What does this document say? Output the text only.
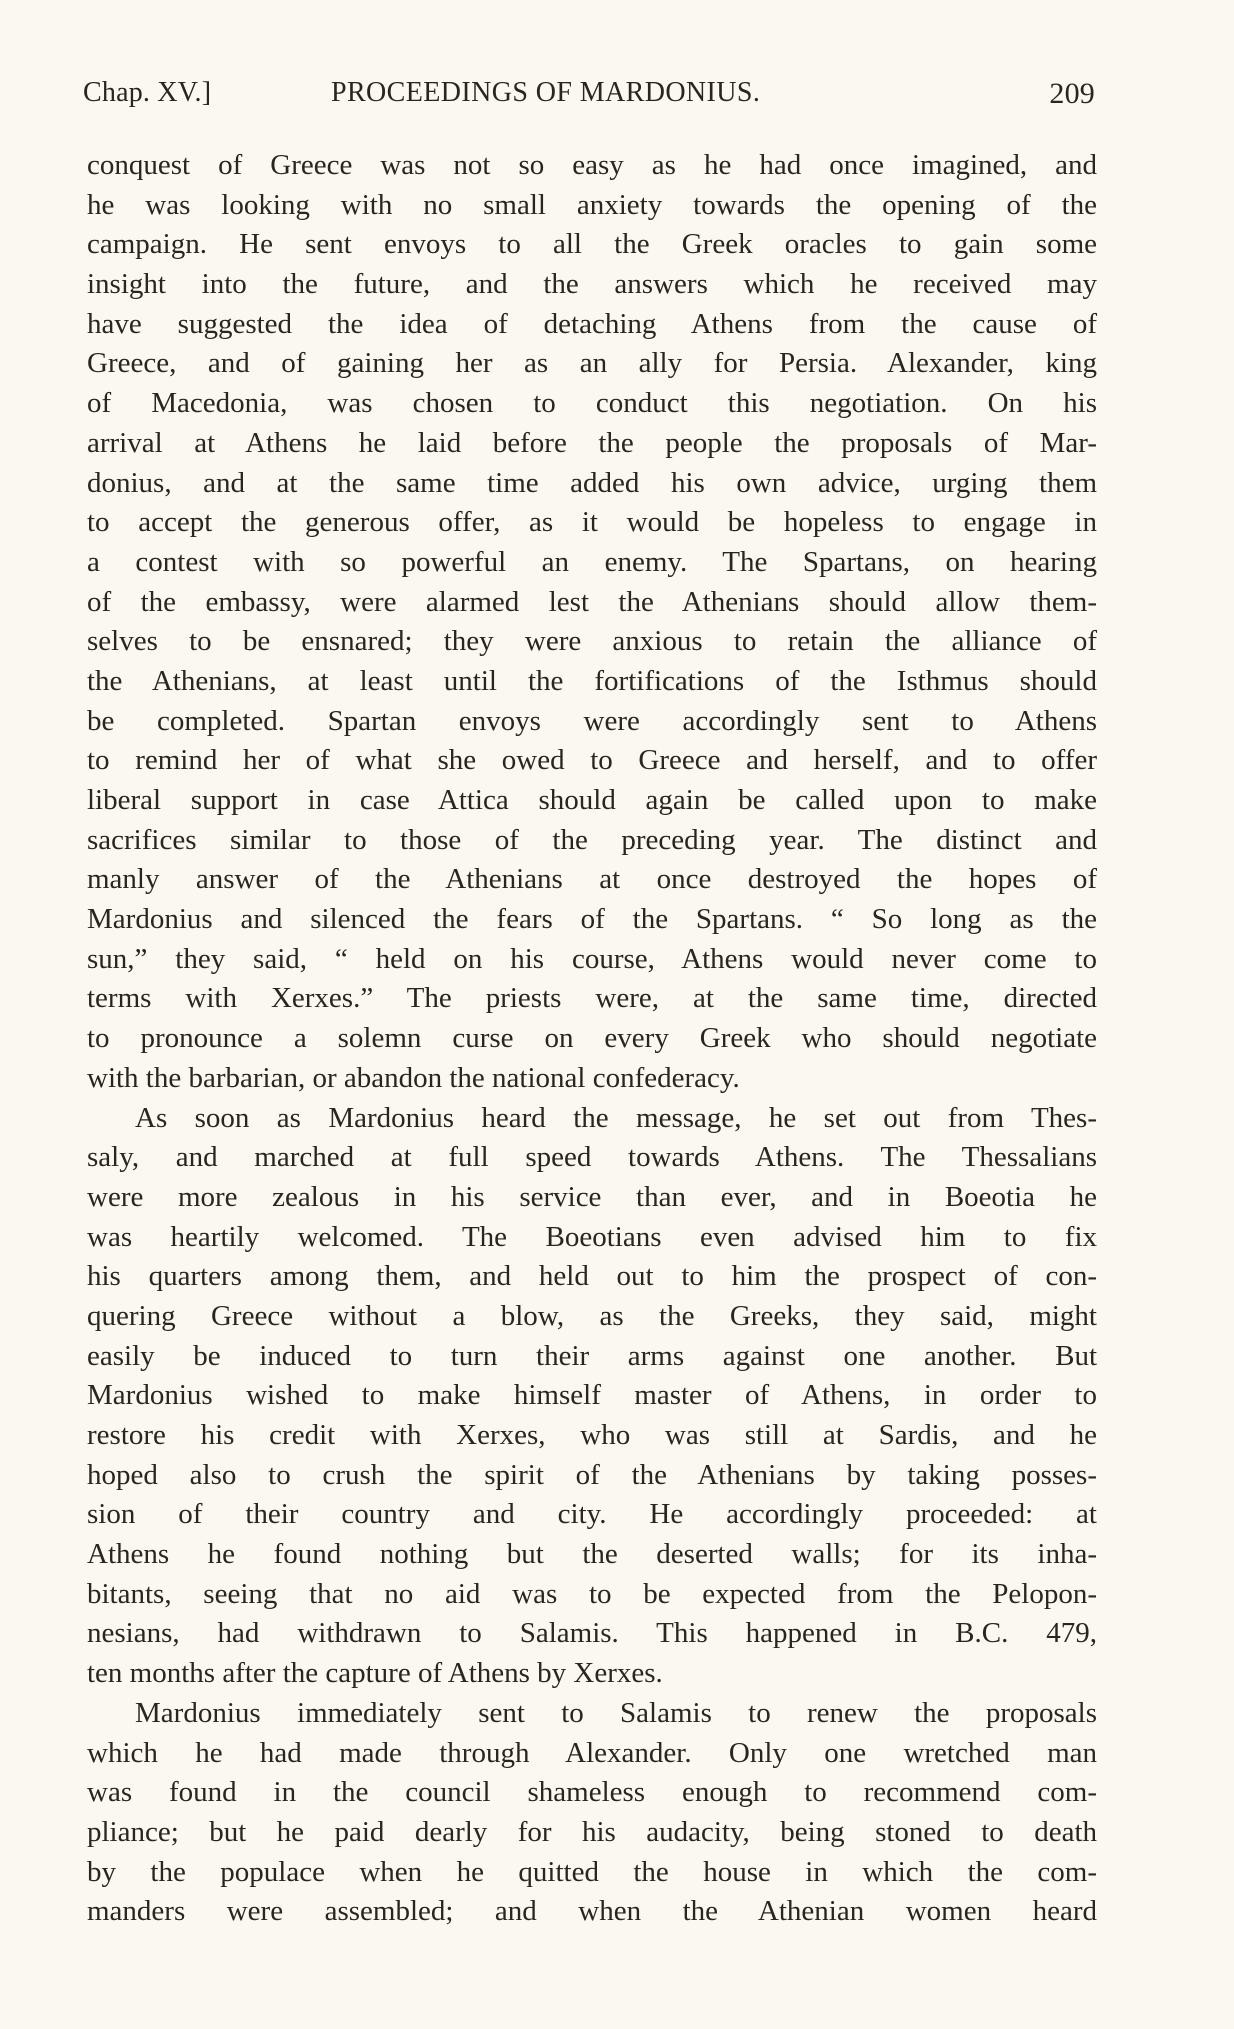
Chap. XV.]	PROCEEDINGS OF MARDONIUS.	209
conquest of Greece was not so easy as he had once imagined, and
he was looking with no small anxiety towards the opening of the
campaign. He sent envoys to all the Greek oracles to gain some
insight into the future, and the answers which he received may
have suggested the idea of detaching Athens from the cause of
Greece, and of gaining her as an ally for Persia. Alexander, king
of Macedonia, was chosen to conduct this negotiation. On his
arrival at Athens he laid before the people the proposals of Mar-
donius, and at the same time added his own advice, urging them
to accept the generous offer, as it would be hopeless to engage in
a contest with so powerful an enemy. The Spartans, on hearing
of the embassy, were alarmed lest the Athenians should allow them-
selves to be ensnared; they were anxious to retain the alliance of
the Athenians, at least until the fortifications of the Isthmus should
be completed. Spartan envoys were accordingly sent to Athens
to remind her of what she owed to Greece and herself, and to offer
liberal support in case Attica should again be called upon to make
sacrifices similar to those of the preceding year. The distinct and
manly answer of the Athenians at once destroyed the hopes of
Mardonius and silenced the fears of the Spartans. “ So long as the
sun,” they said, “ held on his course, Athens would never come to
terms with Xerxes.” The priests were, at the same time, directed
to pronounce a solemn curse on every Greek who should negotiate
with the barbarian, or abandon the national confederacy.
As soon as Mardonius heard the message, he set out from Thes-
saly, and marched at full speed towards Athens. The Thessalians
were more zealous in his service than ever, and in Boeotia he
was heartily welcomed. The Boeotians even advised him to fix
his quarters among them, and held out to him the prospect of con-
quering Greece without a blow, as the Greeks, they said, might
easily be induced to turn their arms against one another. But
Mardonius wished to make himself master of Athens, in order to
restore his credit with Xerxes, who was still at Sardis, and he
hoped also to crush the spirit of the Athenians by taking posses-
sion of their country and city. He accordingly proceeded: at
Athens he found nothing but the deserted walls; for its inha-
bitants, seeing that no aid was to be expected from the Pelopon-
nesians, had withdrawn to Salamis. This happened in B.C. 479,
ten months after the capture of Athens by Xerxes.
Mardonius immediately sent to Salamis to renew the proposals
which he had made through Alexander. Only one wretched man
was found in the council shameless enough to recommend com-
pliance; but he paid dearly for his audacity, being stoned to death
by the populace when he quitted the house in which the com-
manders were assembled; and when the Athenian women heard
